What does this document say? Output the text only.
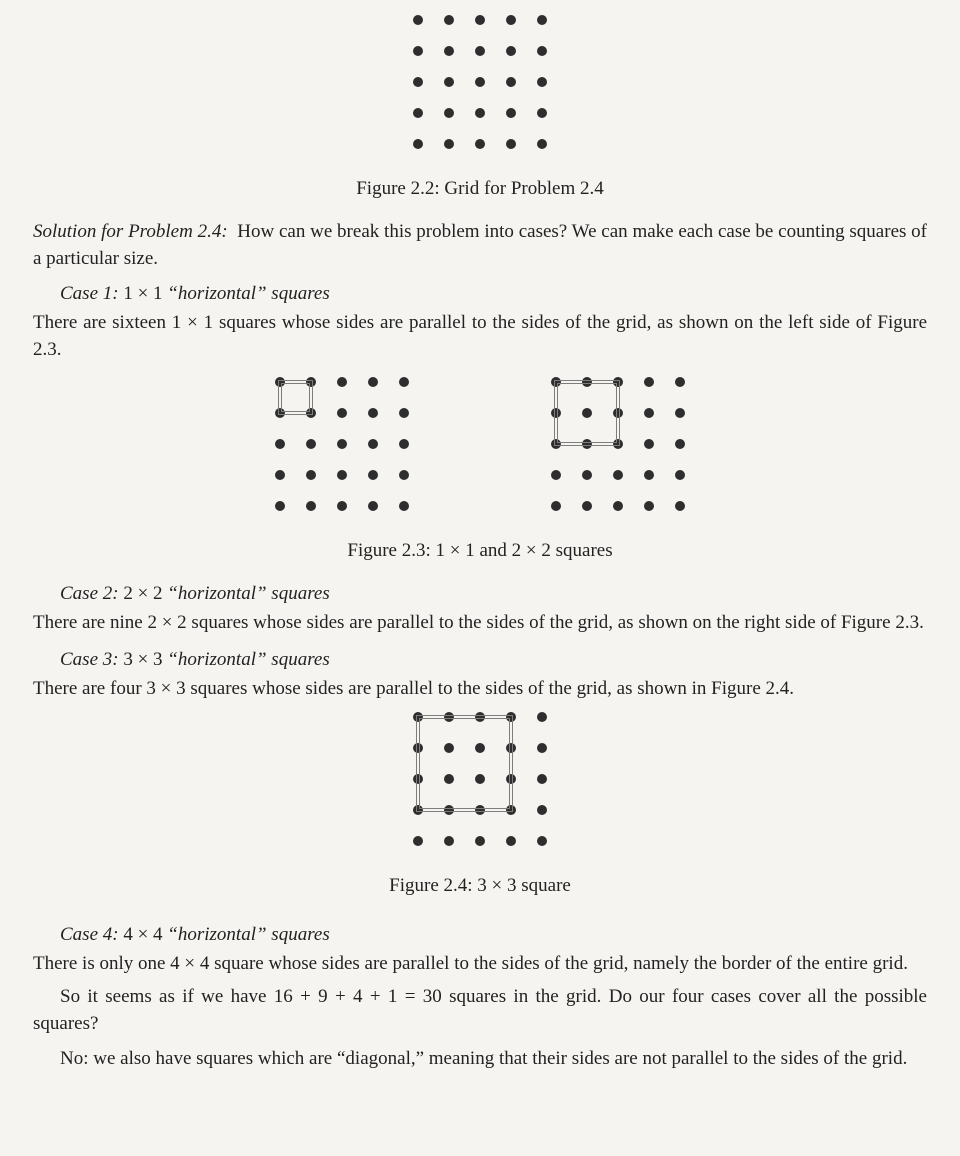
Figure 2.2: Grid for Problem 2.4

Solution for Problem 2.4: How can we break this problem into cases? We can make each case be counting squares of a particular size.

Case 1: 1 × 1 “horizontal” squares

There are sixteen 1 × 1 squares whose sides are parallel to the sides of the grid, as shown on the left side of Figure 2.3.

Figure 2.3: 1 × 1 and 2 × 2 squares
Case 2: 2 × 2 “horizontal” squares

There are nine 2 × 2 squares whose sides are parallel to the sides of the grid, as shown on the right side of Figure 2.3.

Case 3: 3 × 3 “horizontal” squares

There are four 3 × 3 squares whose sides are parallel to the sides of the grid, as shown in Figure 2.4.

Figure 2.4: 3 × 3 square
Case 4: 4 × 4 “horizontal” squares

There is only one 4 × 4 square whose sides are parallel to the sides of the grid, namely the border of the entire grid.

So it seems as if we have 16 + 9 + 4 + 1 = 30 squares in the grid. Do our four cases cover all the possible squares?

No: we also have squares which are “diagonal,” meaning that their sides are not parallel to the sides of the grid.
